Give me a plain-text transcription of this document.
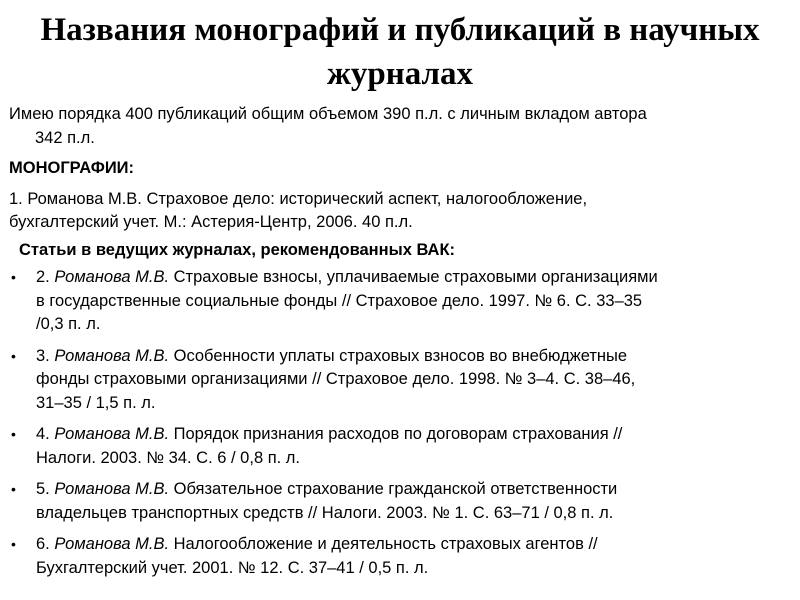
Названия монографий и публикаций в научных журналах

Имею порядка 400 публикаций общим объемом 390 п.л. с личным вкладом автора
342 п.л.

МОНОГРАФИИ:

1. Романова М.В. Страховое дело: исторический аспект, налогообложение,
бухгалтерский учет. М.: Астерия-Центр, 2006. 40 п.л.

Статьи в ведущих журналах, рекомендованных ВАК:

• 2. Романова М.В. Страховые взносы, уплачиваемые страховыми организациями
в государственные социальные фонды // Страховое дело. 1997. № 6. С. 33–35
/0,3 п. л.
• 3. Романова М.В. Особенности уплаты страховых взносов во внебюджетные
фонды страховыми организациями // Страховое дело. 1998. № 3–4. С. 38–46,
31–35 / 1,5 п. л.
• 4. Романова М.В. Порядок признания расходов по договорам страхования //
Налоги. 2003. № 34. С. 6 / 0,8 п. л.
• 5. Романова М.В. Обязательное страхование гражданской ответственности
владельцев транспортных средств // Налоги. 2003. № 1. С. 63–71 / 0,8 п. л.
• 6. Романова М.В. Налогообложение и деятельность страховых агентов //
Бухгалтерский учет. 2001. № 12. С. 37–41 / 0,5 п. л.
